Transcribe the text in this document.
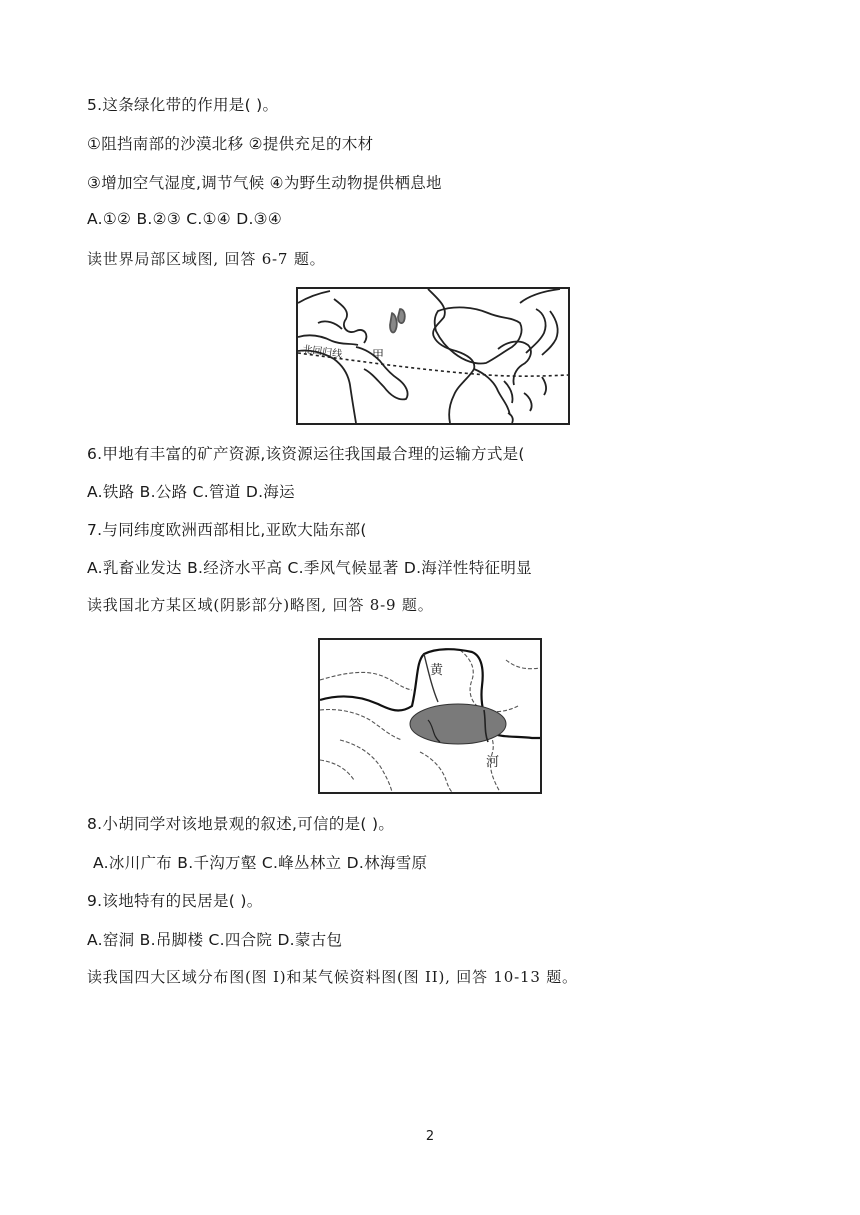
5.这条绿化带的作用是( )。
①阻挡南部的沙漠北移 ②提供充足的木材
③增加空气湿度,调节气候 ④为野生动物提供栖息地
A.①② B.②③ C.①④ D.③④
读世界局部区域图, 回答 6-7 题。
北回归线 甲
6.甲地有丰富的矿产资源,该资源运往我国最合理的运输方式是(
A.铁路 B.公路 C.管道 D.海运
7.与同纬度欧洲西部相比,亚欧大陆东部(
A.乳畜业发达 B.经济水平高 C.季风气候显著 D.海洋性特征明显
读我国北方某区域(阴影部分)略图, 回答 8-9 题。
黄
河
8.小胡同学对该地景观的叙述,可信的是( )。
A.冰川广布 B.千沟万壑 C.峰丛林立 D.林海雪原
9.该地特有的民居是( )。
A.窑洞 B.吊脚楼 C.四合院 D.蒙古包
读我国四大区域分布图(图 I)和某气候资料图(图 II), 回答 10-13 题。
2
